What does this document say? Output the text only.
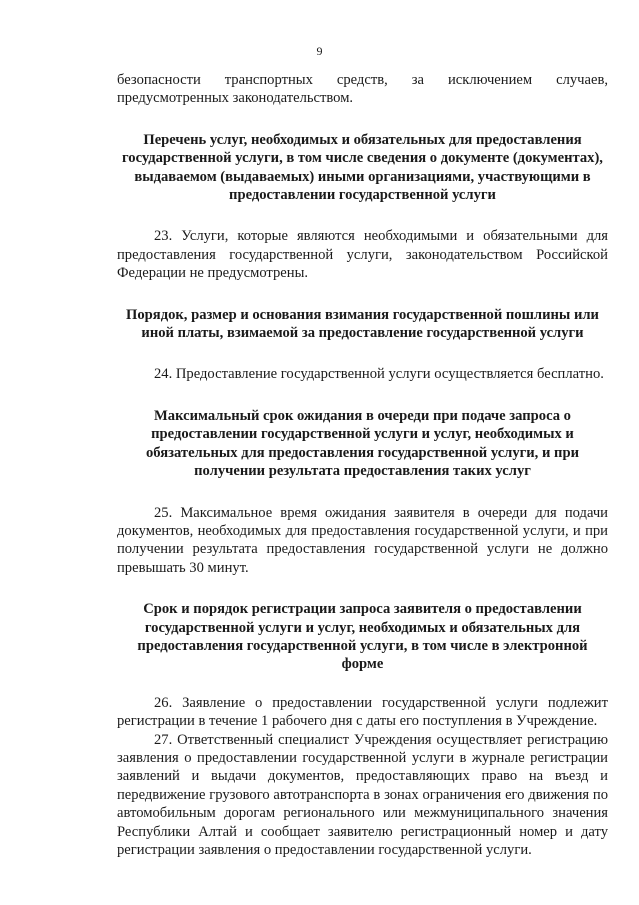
9

безопасности транспортных средств, за исключением случаев, предусмотренных законодательством.

Перечень услуг, необходимых и обязательных для предоставления государственной услуги, в том числе сведения о документе (документах), выдаваемом (выдаваемых) иными организациями, участвующими в предоставлении государственной услуги

23. Услуги, которые являются необходимыми и обязательными для предоставления государственной услуги, законодательством Российской Федерации не предусмотрены.

Порядок, размер и основания взимания государственной пошлины или иной платы, взимаемой за предоставление государственной услуги

24. Предоставление государственной услуги осуществляется бесплатно.

Максимальный срок ожидания в очереди при подаче запроса о предоставлении государственной услуги и услуг, необходимых и обязательных для предоставления государственной услуги, и при получении результата предоставления таких услуг

25. Максимальное время ожидания заявителя в очереди для подачи документов, необходимых для предоставления государственной услуги, и при получении результата предоставления государственной услуги не должно превышать 30 минут.

Срок и порядок регистрации запроса заявителя о предоставлении государственной услуги и услуг, необходимых и обязательных для предоставления государственной услуги, в том числе в электронной форме

26. Заявление о предоставлении государственной услуги подлежит регистрации в течение 1 рабочего дня с даты его поступления в Учреждение.

27. Ответственный специалист Учреждения осуществляет регистрацию заявления о предоставлении государственной услуги в журнале регистрации заявлений и выдачи документов, предоставляющих право на въезд и передвижение грузового автотранспорта в зонах ограничения его движения по автомобильным дорогам регионального или межмуниципального значения Республики Алтай и сообщает заявителю регистрационный номер и дату регистрации заявления о предоставлении государственной услуги.
